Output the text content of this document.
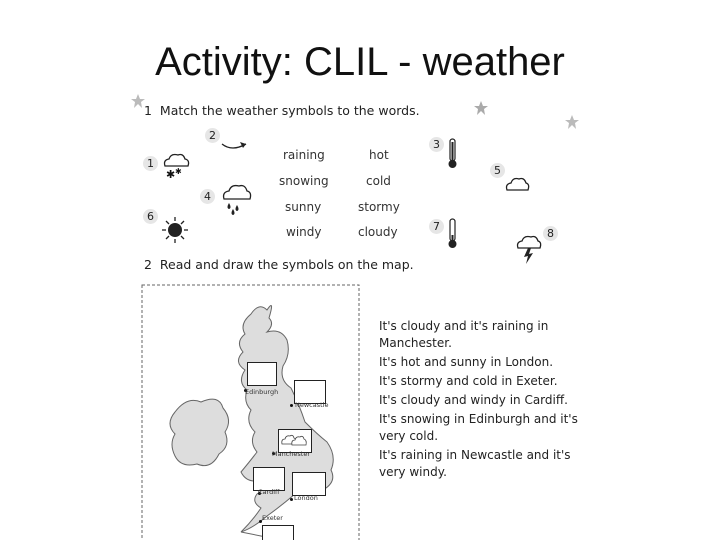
Activity: CLIL - weather
1 Match the weather symbols to the words.
1
2
3
4
5
6
7
8
✱ ✱
raining
snowing
sunny
windy
hot
cold
stormy
cloudy
2 Read and draw the symbols on the map.
Edinburgh
Newcastle
Manchester
Cardiff
London
Exeter

It's cloudy and it's raining in Manchester.

It's hot and sunny in London.

It's stormy and cold in Exeter.

It's cloudy and windy in Cardiff.

It's snowing in Edinburgh and it's very cold.

It's raining in Newcastle and it's very windy.
